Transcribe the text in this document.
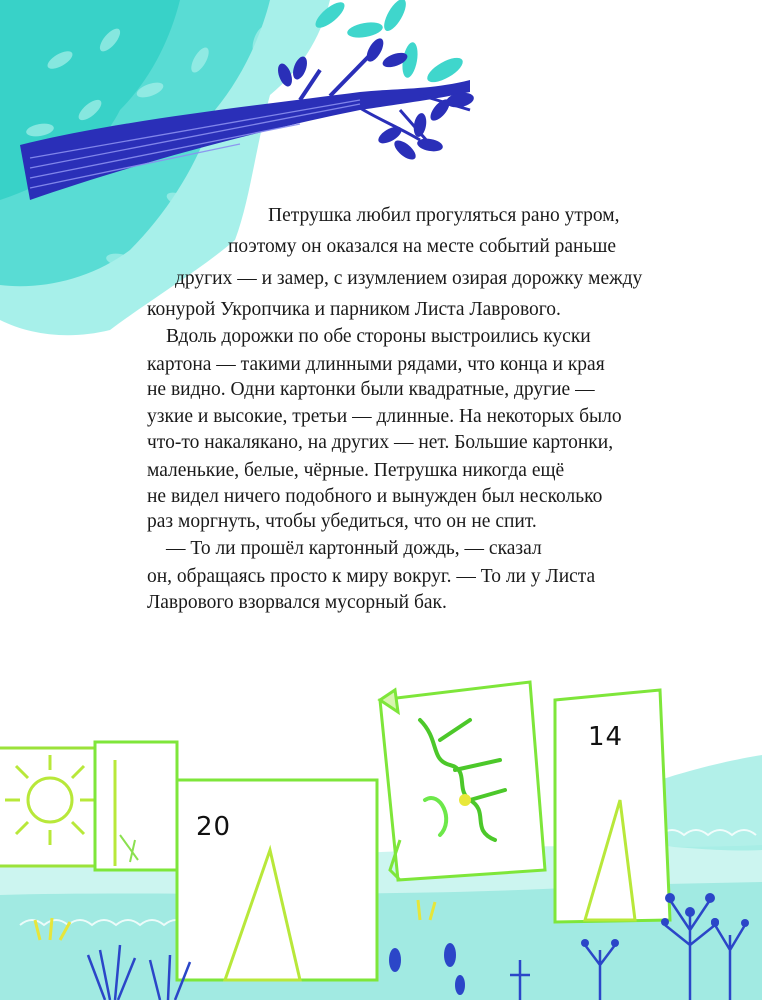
20
14
Петрушка любил прогуляться рано утром,
поэтому он оказался на месте событий раньше
других — и замер, с изумлением озирая дорожку между
конурой Укропчика и парником Листа Лаврового.
Вдоль дорожки по обе стороны выстроились куски
картона — такими длинными рядами, что конца и края
не видно. Одни картонки были квадратные, другие —
узкие и высокие, третьи — длинные. На некоторых было
что-то накалякано, на других — нет. Большие картонки,
маленькие, белые, чёрные. Петрушка никогда ещё
не видел ничего подобного и вынужден был несколько
раз моргнуть, чтобы убедиться, что он не спит.
— То ли прошёл картонный дождь, — сказал
он, обращаясь просто к миру вокруг. — То ли у Листа
Лаврового взорвался мусорный бак.
